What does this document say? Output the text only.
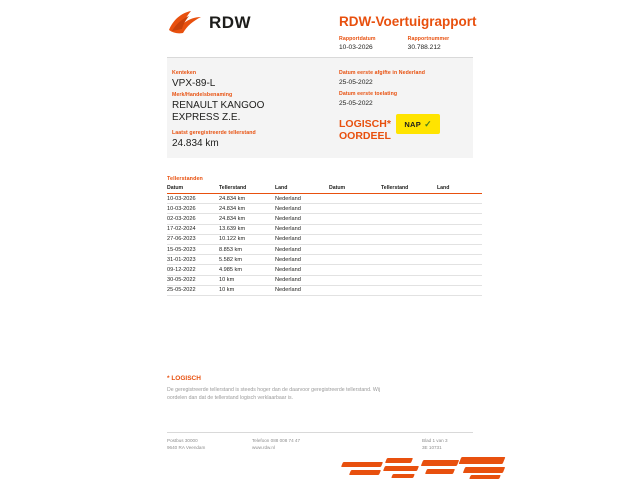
RDW	RDW-Voertuigrapport
Rapportdatum
10-03-2026
Rapportnummer
30.788.212
Kenteken
VPX-89-L
Merk/Handelsbenaming
RENAULT KANGOO
EXPRESS Z.E.
Laatst geregistreerde tellerstand
24.834 km
Datum eerste afgifte in Nederland
25-05-2022
Datum eerste toelating
25-05-2022
LOGISCH*
OORDEEL
NAP ✓
Tellerstanden
Datum	Tellerstand	Land		Datum	Tellerstand	Land
10-03-2026	24.834 km	Nederland				
10-03-2026	24.834 km	Nederland				
02-03-2026	24.834 km	Nederland				
17-02-2024	13.639 km	Nederland				
27-06-2023	10.122 km	Nederland				
15-05-2023	8.853 km	Nederland				
31-01-2023	5.582 km	Nederland				
09-12-2022	4.985 km	Nederland				
30-05-2022	10 km	Nederland				
25-05-2022	10 km	Nederland				
* LOGISCH
De geregistreerde tellerstand is steeds hoger dan de daarvoor geregistreerde tellerstand. Wij oordelen dan dat de tellerstand logisch verklaarbaar is.
Postbus 30000
9640 RA Veendam
Telefoon 088 008 74 47
www.rdw.nl
Blad 1 van 3
3E 10731
